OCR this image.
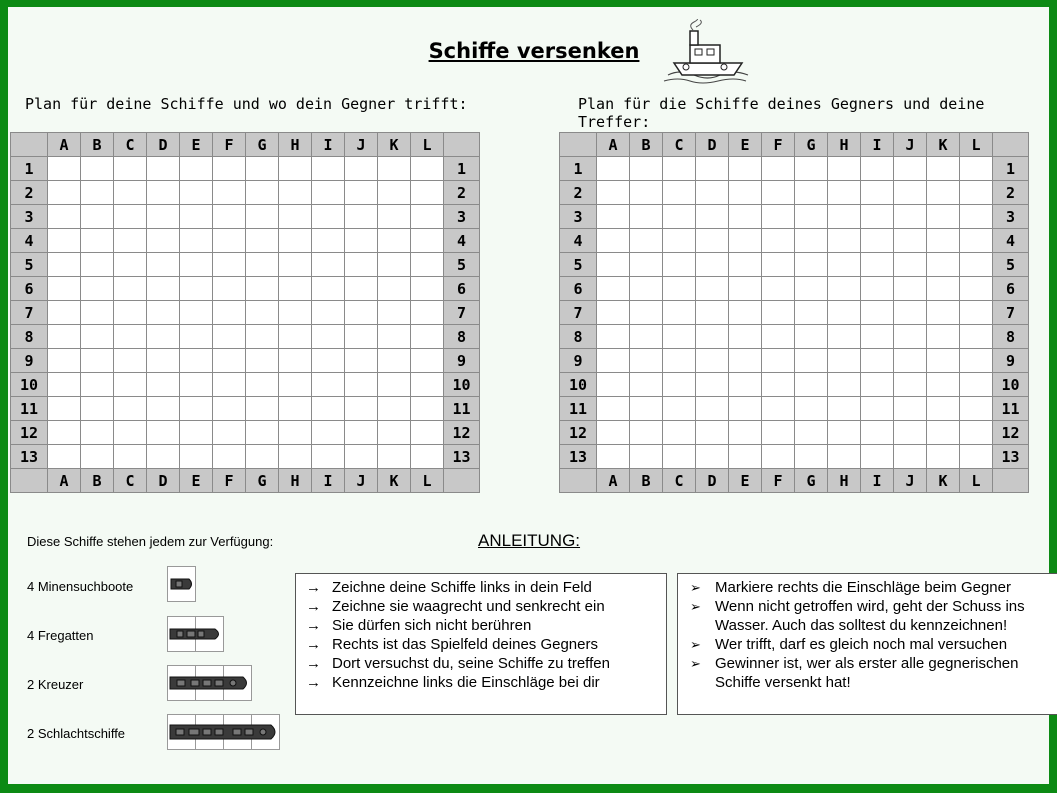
Schiffe versenken
Plan für deine Schiffe und wo dein Gegner trifft:	Plan für die Schiffe deines Gegners und deine Treffer:
Diese Schiffe stehen jedem zur Verfügung:	ANLEITUNG:
4 Minensuchboote
4 Fregatten
2 Kreuzer
2 Schlachtschiffe
→ Zeichne deine Schiffe links in dein Feld
→ Zeichne sie waagrecht und senkrecht ein
→ Sie dürfen sich nicht berühren
→ Rechts ist das Spielfeld deines Gegners
→ Dort versuchst du, seine Schiffe zu treffen
→ Kennzeichne links die Einschläge bei dir
➢ Markiere rechts die Einschläge beim Gegner
➢ Wenn nicht getroffen wird, geht der Schuss ins Wasser. Auch das solltest du kennzeichnen!
➢ Wer trifft, darf es gleich noch mal versuchen
➢ Gewinner ist, wer als erster alle gegnerischen Schiffe versenkt hat!
	A	B	C	D	E	F	G	H	I	J	K	L	
1													1
2													2
3													3
4													4
5													5
6													6
7													7
8													8
9													9
10													10
11													11
12													12
13													13
	A	B	C	D	E	F	G	H	I	J	K	L	
	A	B	C	D	E	F	G	H	I	J	K	L	
1													1
2													2
3													3
4													4
5													5
6													6
7													7
8													8
9													9
10													10
11													11
12													12
13													13
	A	B	C	D	E	F	G	H	I	J	K	L	
